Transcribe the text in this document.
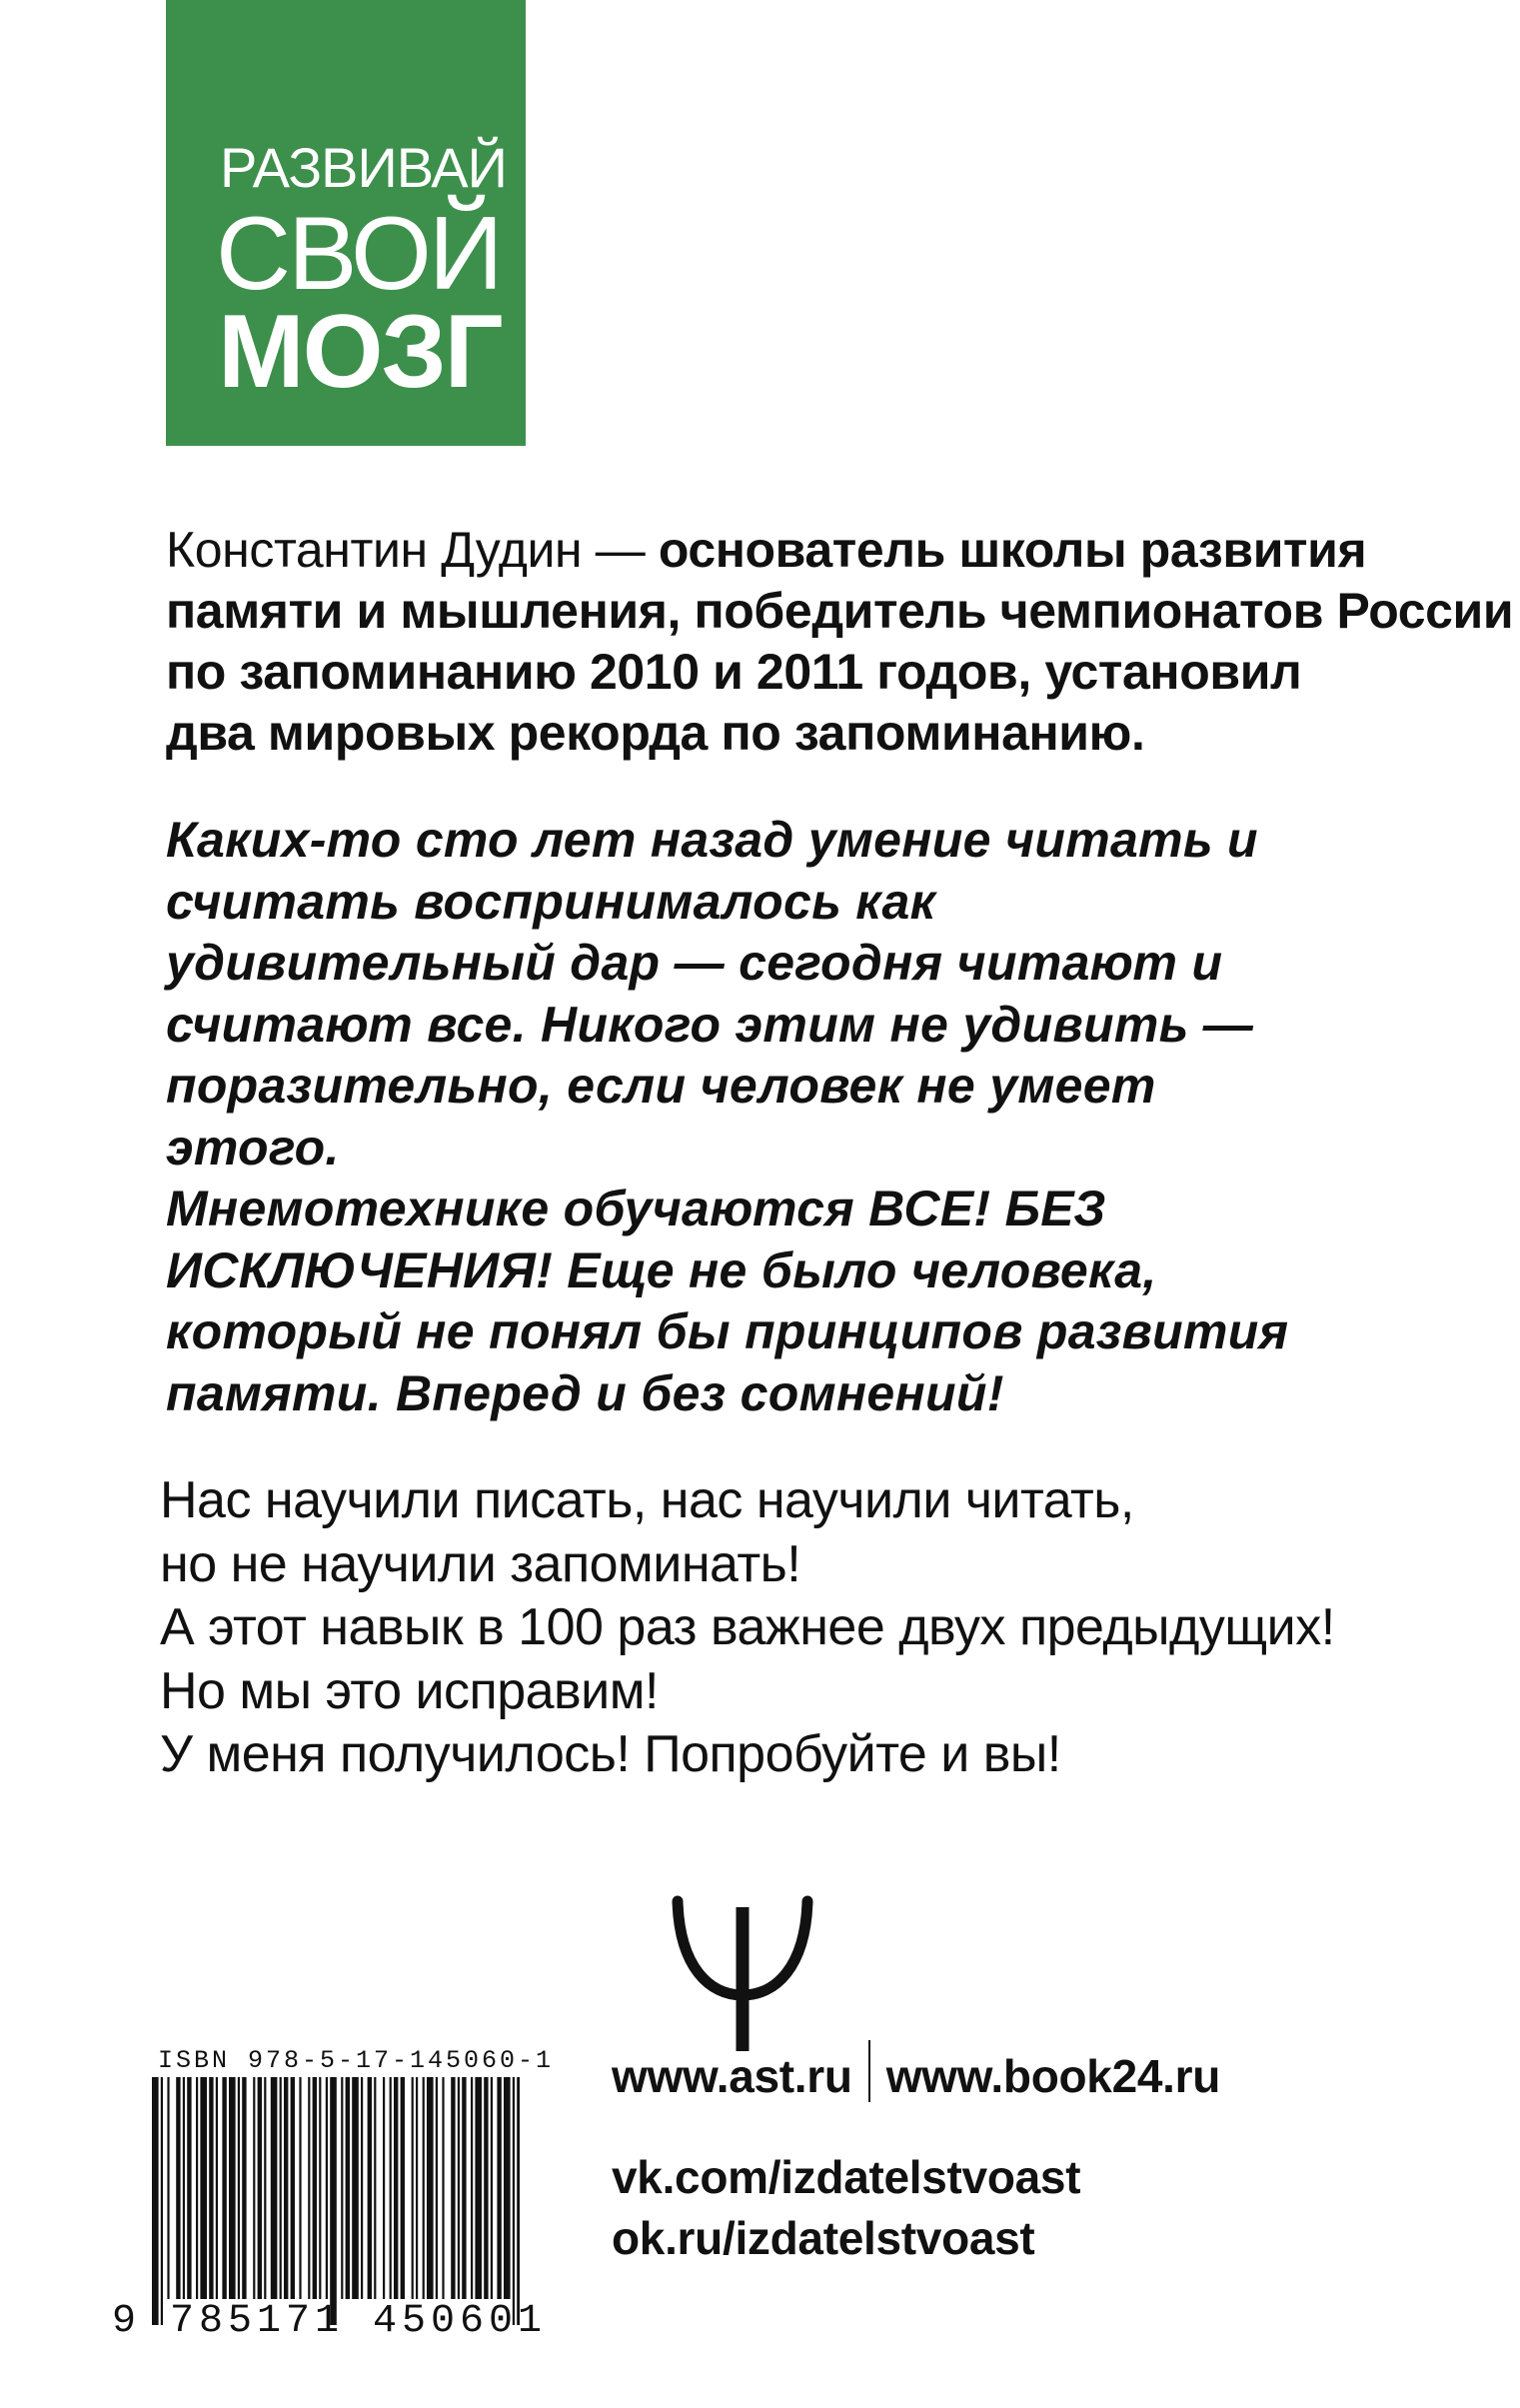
РАЗВИВАЙ
СВОЙ
МОЗГ

Константин Дудин — основатель школы развития
памяти и мышления, победитель чемпионатов России
по запоминанию 2010 и 2011 годов, установил
два мировых рекорда по запоминанию.

Каких-то сто лет назад умение читать и
считать воспринималось как
удивительный дар — сегодня читают и
считают все. Никого этим не удивить —
поразительно, если человек не умеет
этого.
Мнемотехнике обучаются ВСЕ! БЕЗ
ИСКЛЮЧЕНИЯ! Еще не было человека,
который не понял бы принципов развития
памяти. Вперед и без сомнений!

Нас научили писать, нас научили читать,
но не научили запоминать!
А этот навык в 100 раз важнее двух предыдущих!
Но мы это исправим!
У меня получилось! Попробуйте и вы!

ISBN 978-5-17-145060-1
9 785171 450601
www.ast.ru www.book24.ru
vk.com/izdatelstvoast
ok.ru/izdatelstvoast
